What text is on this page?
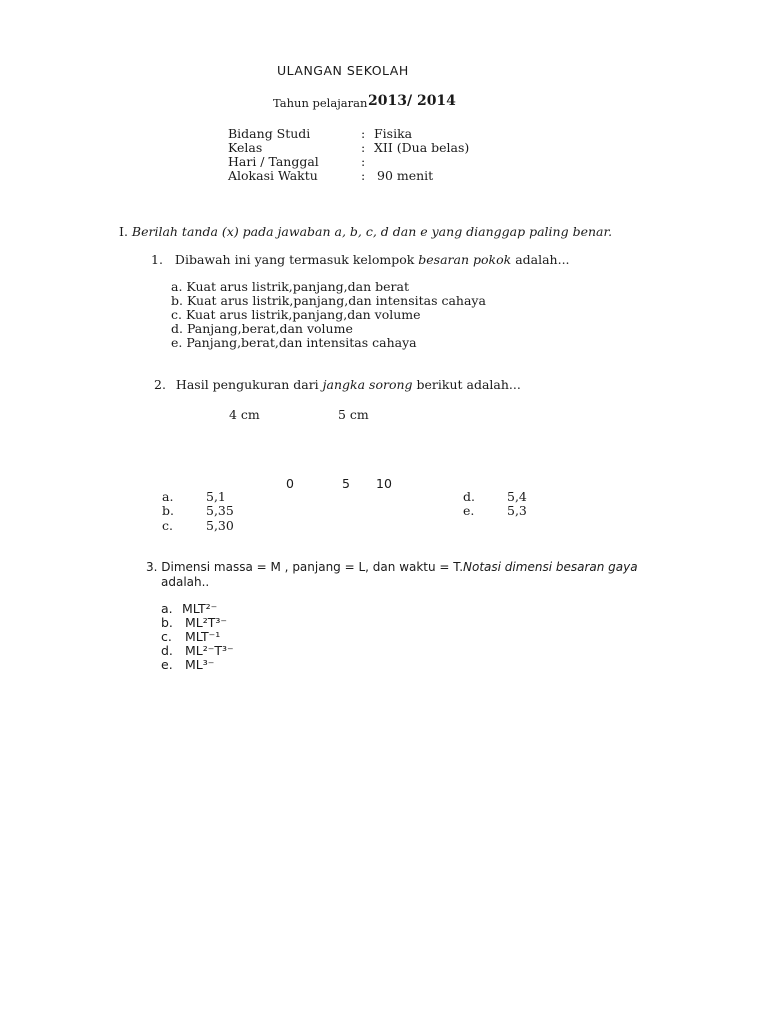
ULANGAN SEKOLAH
Tahun pelajaran 2013/ 2014
Bidang Studi	: Fisika
Kelas	: XII (Dua belas)
Hari / Tanggal	:
Alokasi Waktu	: 90 menit
I. Berilah tanda (x) pada jawaban a, b, c, d dan e yang dianggap paling benar.
1. Dibawah ini yang termasuk kelompok besaran pokok adalah...
a. Kuat arus listrik,panjang,dan berat
b. Kuat arus listrik,panjang,dan intensitas cahaya
c. Kuat arus listrik,panjang,dan volume
d. Panjang,berat,dan volume
e. Panjang,berat,dan intensitas cahaya
2. Hasil pengukuran dari jangka sorong berikut adalah...
4 cm	5 cm
0	5 10
a.	5,1
b.	5,35
c.	5,30
d.	5,4
e.	5,3
3. Dimensi massa = M , panjang = L, dan waktu = T.Notasi dimensi besaran gaya
adalah..
a. MLT²⁻
b. ML²T³⁻
c. MLT⁻¹
d. ML²⁻T³⁻
e. ML³⁻
